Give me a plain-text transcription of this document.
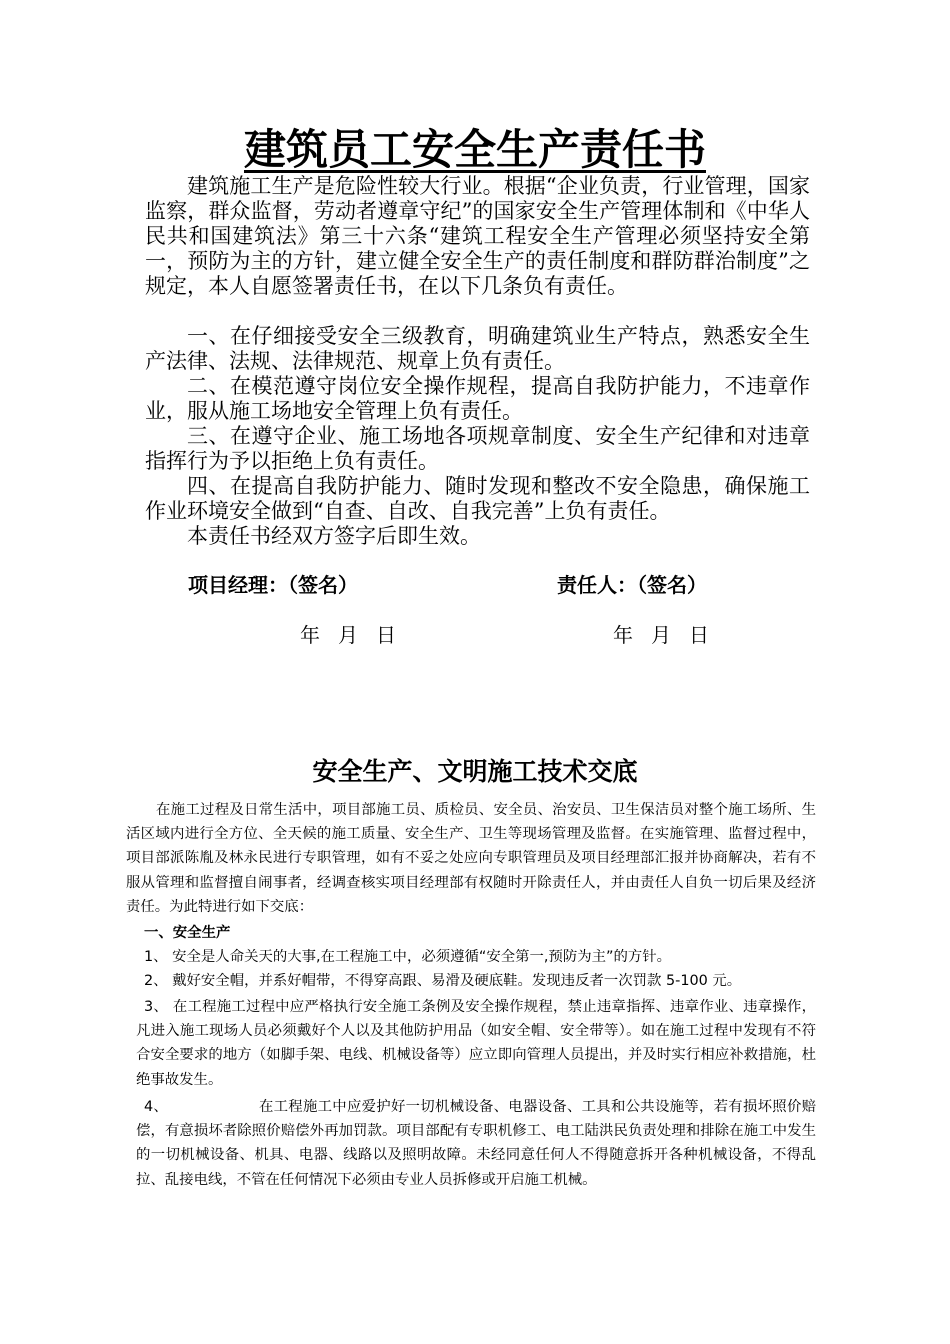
建筑员工安全生产责任书

建筑施工生产是危险性较大行业。根据“企业负责，行业管理，国家监察，群众监督，劳动者遵章守纪”的国家安全生产管理体制和《中华人民共和国建筑法》第三十六条“建筑工程安全生产管理必须坚持安全第一，预防为主的方针，建立健全安全生产的责任制度和群防群治制度”之规定，本人自愿签署责任书，在以下几条负有责任。

一、在仔细接受安全三级教育，明确建筑业生产特点，熟悉安全生产法律、法规、法律规范、规章上负有责任。

二、在模范遵守岗位安全操作规程，提高自我防护能力，不违章作业，服从施工场地安全管理上负有责任。

三、在遵守企业、施工场地各项规章制度、安全生产纪律和对违章指挥行为予以拒绝上负有责任。

四、在提高自我防护能力、随时发现和整改不安全隐患，确保施工作业环境安全做到“自查、自改、自我完善”上负有责任。

本责任书经双方签字后即生效。

项目经理：（签名）	责任人：（签名）
年月日	年月日
安全生产、文明施工技术交底

在施工过程及日常生活中，项目部施工员、质检员、安全员、治安员、卫生保洁员对整个施工场所、生活区域内进行全方位、全天候的施工质量、安全生产、卫生等现场管理及监督。在实施管理、监督过程中，项目部派陈胤及林永民进行专职管理，如有不妥之处应向专职管理员及项目经理部汇报并协商解决，若有不服从管理和监督擅自闹事者，经调查核实项目经理部有权随时开除责任人，并由责任人自负一切后果及经济责任。为此特进行如下交底：

一、安全生产

1、 安全是人命关天的大事,在工程施工中，必须遵循“安全第一,预防为主”的方针。

2、 戴好安全帽，并系好帽带，不得穿高跟、易滑及硬底鞋。发现违反者一次罚款 5-100 元。

3、 在工程施工过程中应严格执行安全施工条例及安全操作规程，禁止违章指挥、违章作业、违章操作，凡进入施工现场人员必须戴好个人以及其他防护用品（如安全帽、安全带等）。如在施工过程中发现有不符合安全要求的地方（如脚手架、电线、机械设备等）应立即向管理人员提出，并及时实行相应补救措施，杜绝事故发生。

4、	在工程施工中应爱护好一切机械设备、电器设备、工具和公共设施等，若有损坏照价赔偿，有意损坏者除照价赔偿外再加罚款。项目部配有专职机修工、电工陆洪民负责处理和排除在施工中发生的一切机械设备、机具、电器、线路以及照明故障。未经同意任何人不得随意拆开各种机械设备，不得乱拉、乱接电线，不管在任何情况下必须由专业人员拆修或开启施工机械。
